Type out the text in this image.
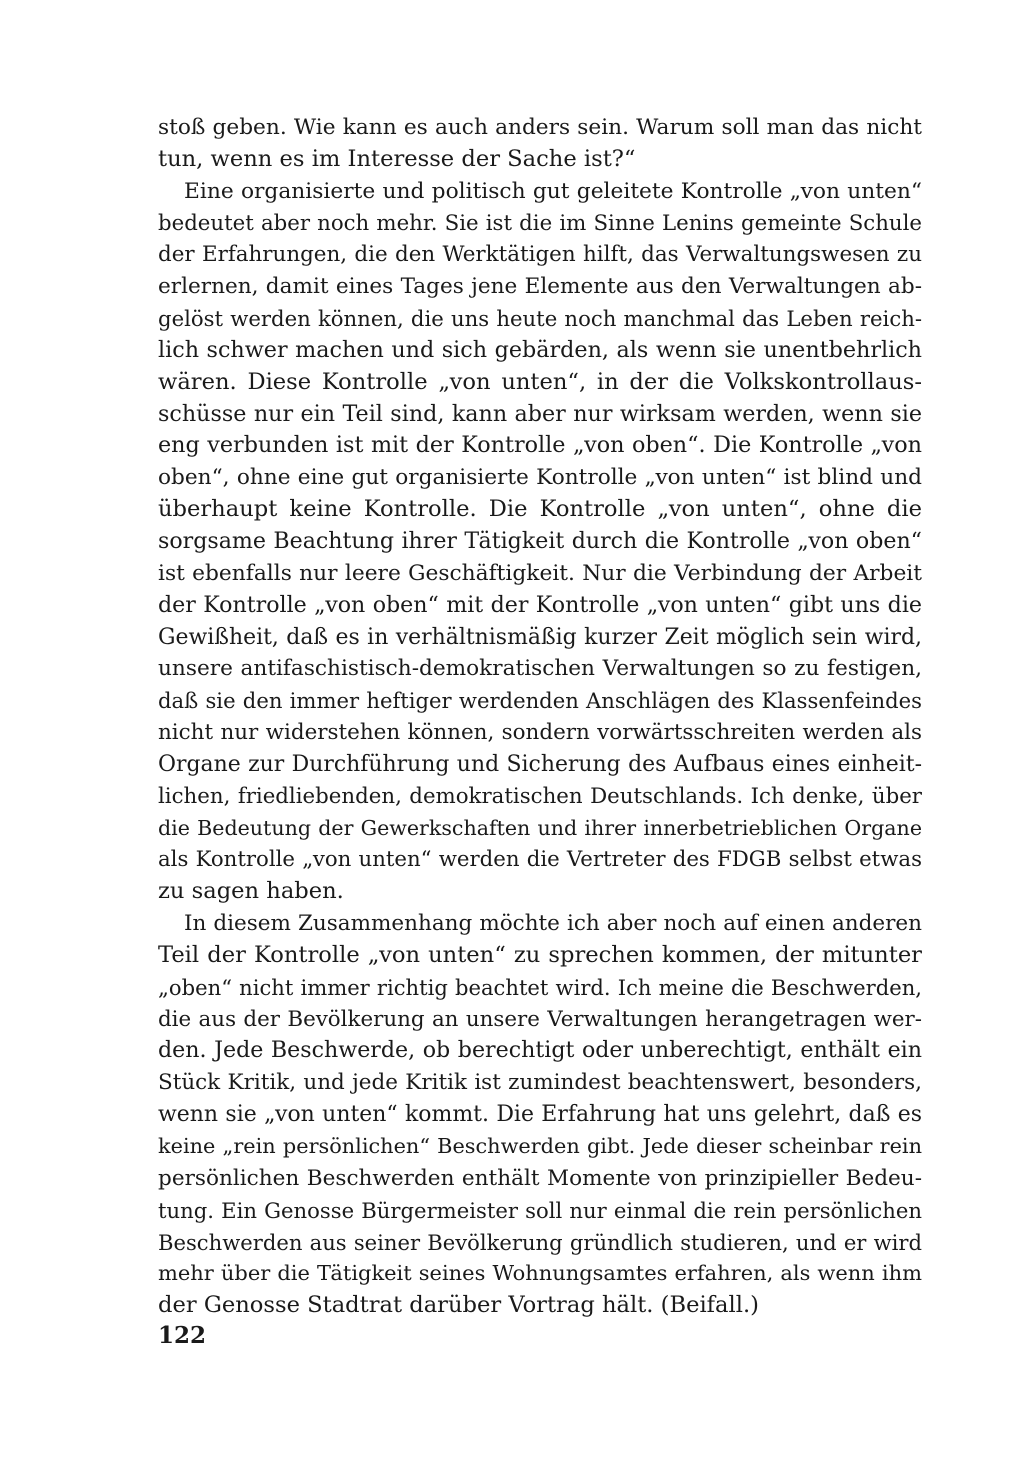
stoß geben. Wie kann es auch anders sein. Warum soll man das nicht
tun, wenn es im Interesse der Sache ist?“
Eine organisierte und politisch gut geleitete Kontrolle „von unten“
bedeutet aber noch mehr. Sie ist die im Sinne Lenins gemeinte Schule
der Erfahrungen, die den Werktätigen hilft, das Verwaltungswesen zu
erlernen, damit eines Tages jene Elemente aus den Verwaltungen ab-
gelöst werden können, die uns heute noch manchmal das Leben reich-
lich schwer machen und sich gebärden, als wenn sie unentbehrlich
wären. Diese Kontrolle „von unten“, in der die Volkskontrollaus-
schüsse nur ein Teil sind, kann aber nur wirksam werden, wenn sie
eng verbunden ist mit der Kontrolle „von oben“. Die Kontrolle „von
oben“, ohne eine gut organisierte Kontrolle „von unten“ ist blind und
überhaupt keine Kontrolle. Die Kontrolle „von unten“, ohne die
sorgsame Beachtung ihrer Tätigkeit durch die Kontrolle „von oben“
ist ebenfalls nur leere Geschäftigkeit. Nur die Verbindung der Arbeit
der Kontrolle „von oben“ mit der Kontrolle „von unten“ gibt uns die
Gewißheit, daß es in verhältnismäßig kurzer Zeit möglich sein wird,
unsere antifaschistisch-demokratischen Verwaltungen so zu festigen,
daß sie den immer heftiger werdenden Anschlägen des Klassenfeindes
nicht nur widerstehen können, sondern vorwärtsschreiten werden als
Organe zur Durchführung und Sicherung des Aufbaus eines einheit-
lichen, friedliebenden, demokratischen Deutschlands. Ich denke, über
die Bedeutung der Gewerkschaften und ihrer innerbetrieblichen Organe
als Kontrolle „von unten“ werden die Vertreter des FDGB selbst etwas
zu sagen haben.
In diesem Zusammenhang möchte ich aber noch auf einen anderen
Teil der Kontrolle „von unten“ zu sprechen kommen, der mitunter
„oben“ nicht immer richtig beachtet wird. Ich meine die Beschwerden,
die aus der Bevölkerung an unsere Verwaltungen herangetragen wer-
den. Jede Beschwerde, ob berechtigt oder unberechtigt, enthält ein
Stück Kritik, und jede Kritik ist zumindest beachtenswert, besonders,
wenn sie „von unten“ kommt. Die Erfahrung hat uns gelehrt, daß es
keine „rein persönlichen“ Beschwerden gibt. Jede dieser scheinbar rein
persönlichen Beschwerden enthält Momente von prinzipieller Bedeu-
tung. Ein Genosse Bürgermeister soll nur einmal die rein persönlichen
Beschwerden aus seiner Bevölkerung gründlich studieren, und er wird
mehr über die Tätigkeit seines Wohnungsamtes erfahren, als wenn ihm
der Genosse Stadtrat darüber Vortrag hält. (Beifall.)
122
